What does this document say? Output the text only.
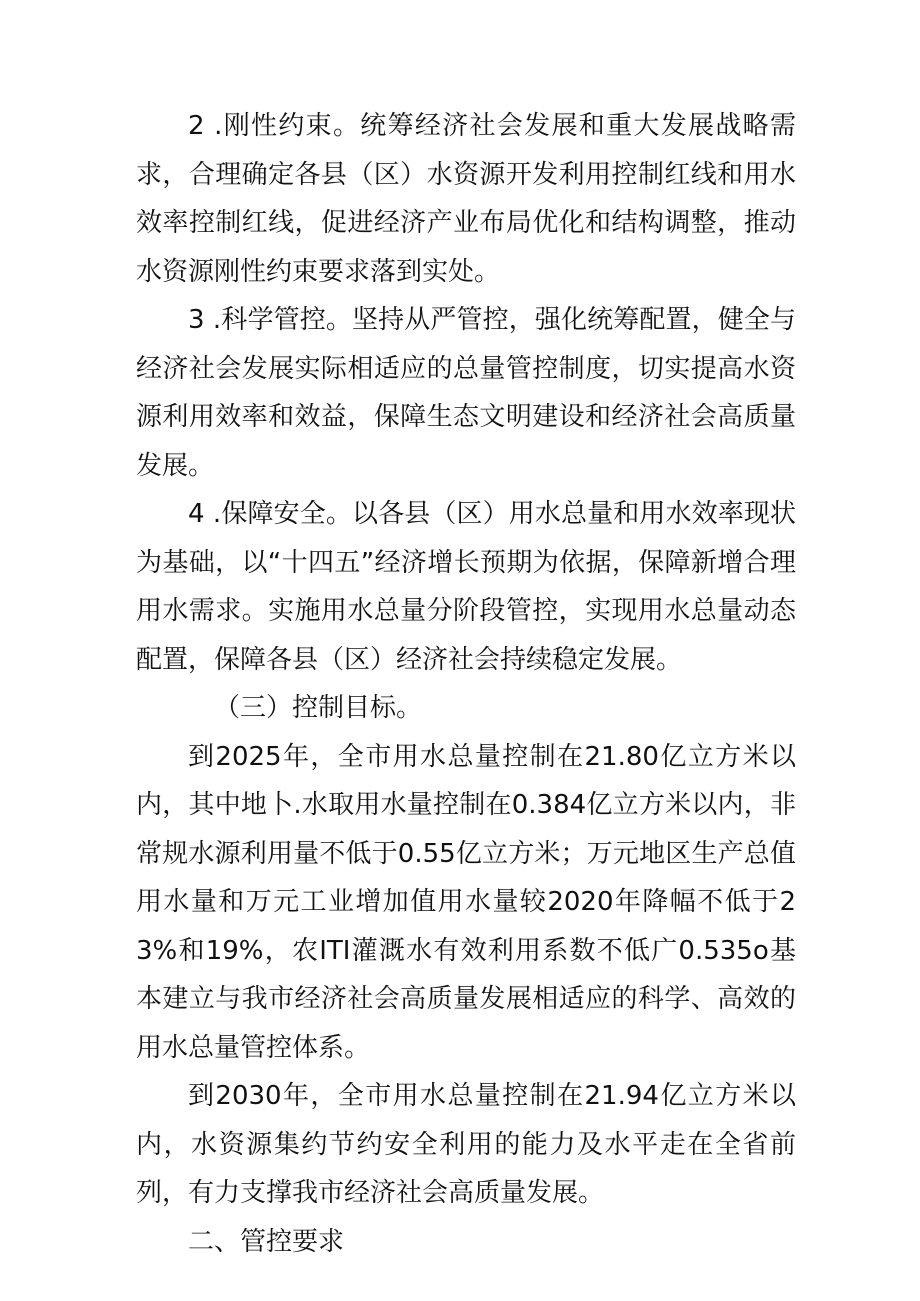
2 .刚性约束。统筹经济社会发展和重大发展战略需求，合理确定各县（区）水资源开发利用控制红线和用水效率控制红线，促进经济产业布局优化和结构调整，推动水资源刚性约束要求落到实处。

3 .科学管控。坚持从严管控，强化统筹配置，健全与经济社会发展实际相适应的总量管控制度，切实提高水资源利用效率和效益，保障生态文明建设和经济社会高质量发展。

4 .保障安全。以各县（区）用水总量和用水效率现状为基础，以“十四五”经济增长预期为依据，保障新增合理用水需求。实施用水总量分阶段管控，实现用水总量动态配置，保障各县（区）经济社会持续稳定发展。

（三）控制目标。

到2025年，全市用水总量控制在21.80亿立方米以内，其中地卜.水取用水量控制在0.384亿立方米以内，非常规水源利用量不低于0.55亿立方米；万元地区生产总值用水量和万元工业增加值用水量较2020年降幅不低于23%和19%，农ITI灌溉水有效利用系数不低广0.535o基本建立与我市经济社会高质量发展相适应的科学、高效的用水总量管控体系。

到2030年，全市用水总量控制在21.94亿立方米以内，水资源集约节约安全利用的能力及水平走在全省前列，有力支撑我市经济社会高质量发展。

二、管控要求
